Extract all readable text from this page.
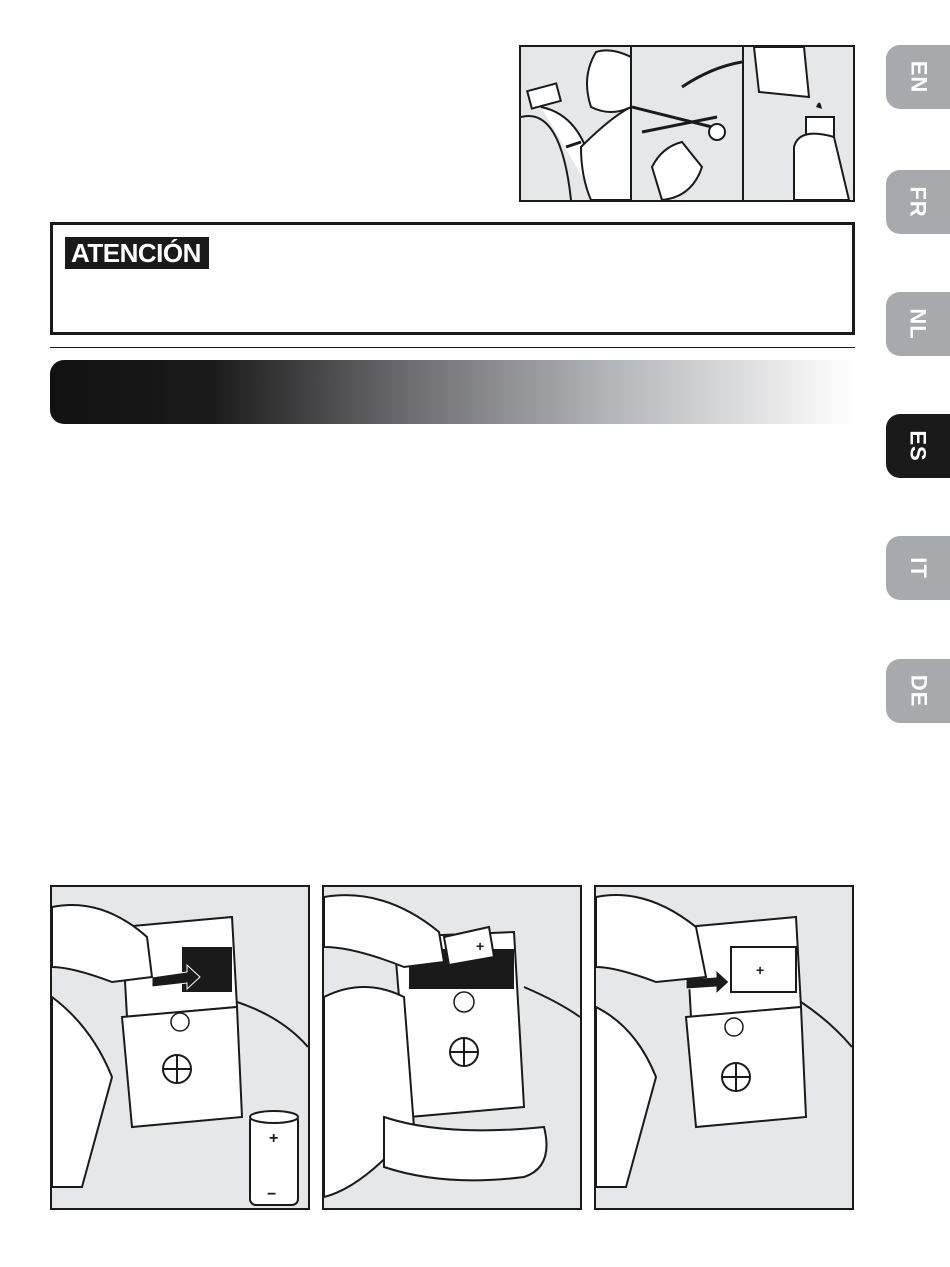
ATENCIÓN
EN
FR
NL
ES
IT
DE
+
−
+
+
